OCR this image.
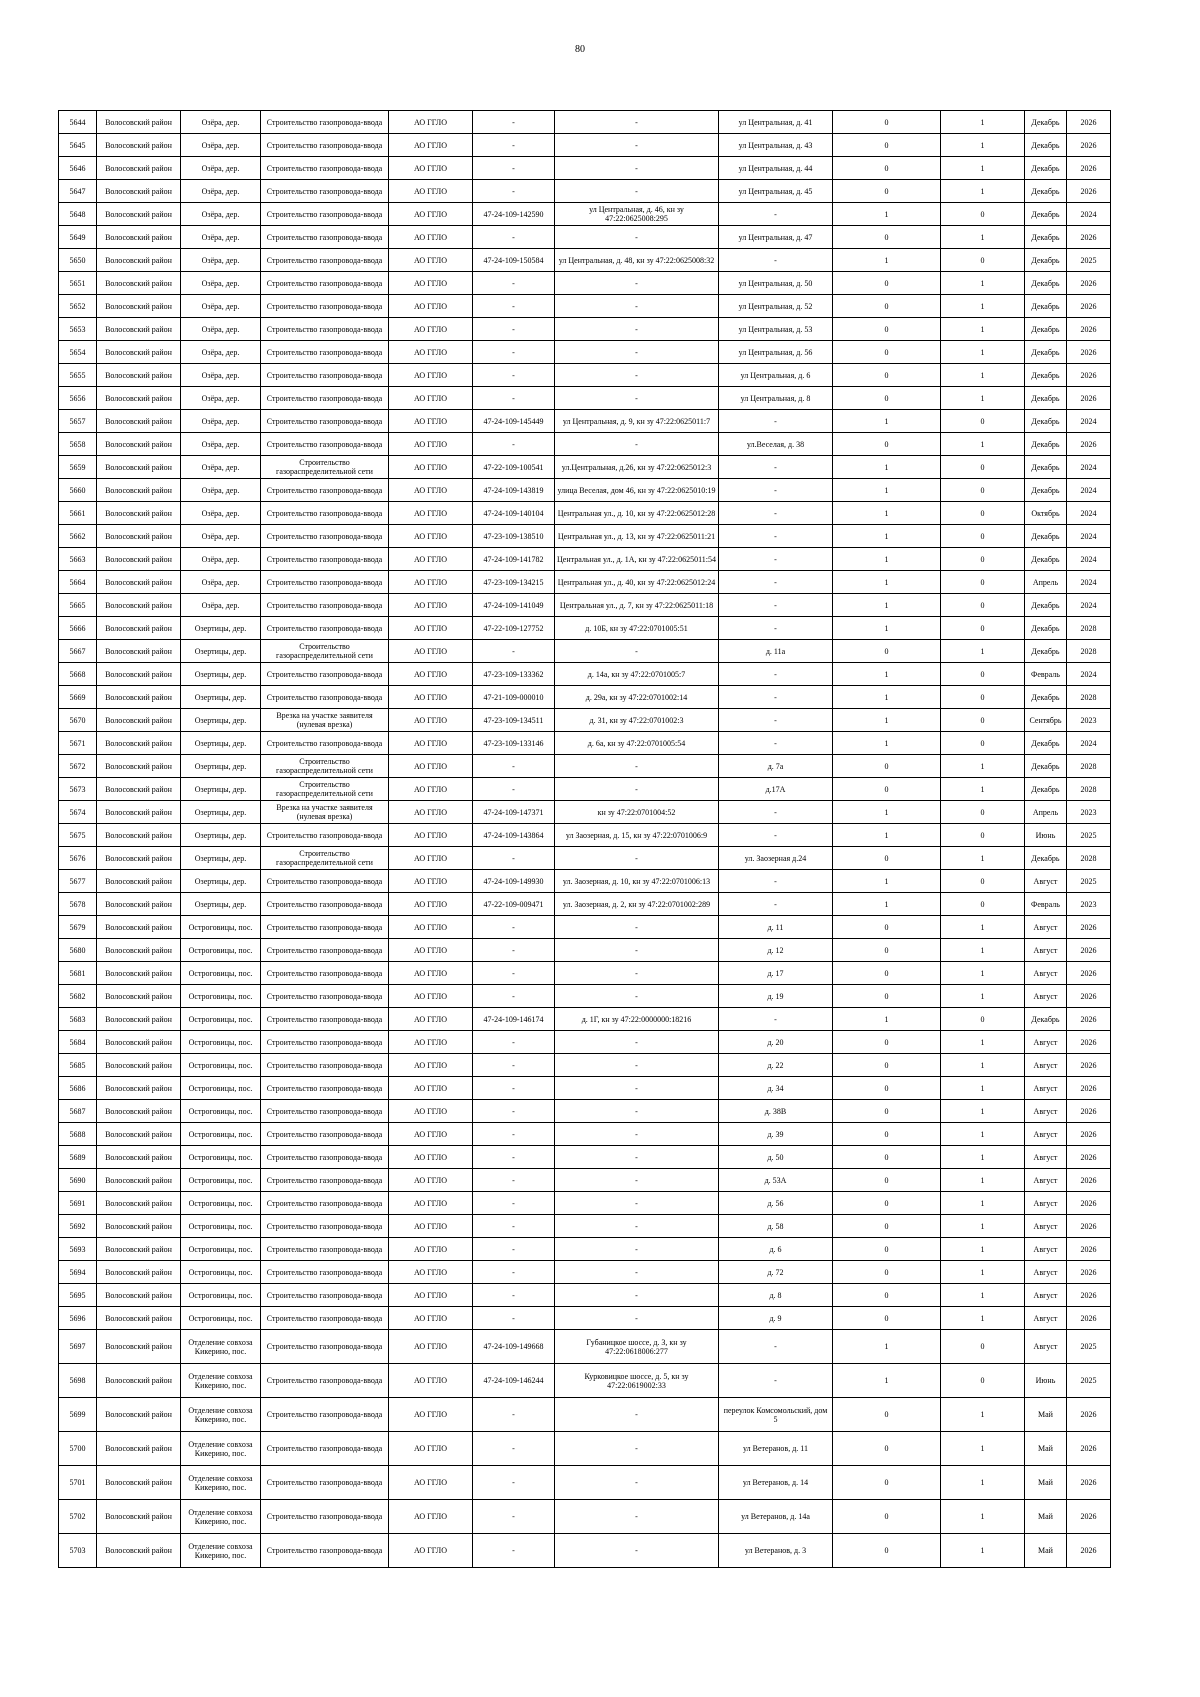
80
5644	Волосовский район	Озёра, дер.	Строительство газопровода-ввода	АО ГГЛО	-	-	ул Центральная, д. 41	0	1	Декабрь	2026
5645	Волосовский район	Озёра, дер.	Строительство газопровода-ввода	АО ГГЛО	-	-	ул Центральная, д. 43	0	1	Декабрь	2026
5646	Волосовский район	Озёра, дер.	Строительство газопровода-ввода	АО ГГЛО	-	-	ул Центральная, д. 44	0	1	Декабрь	2026
5647	Волосовский район	Озёра, дер.	Строительство газопровода-ввода	АО ГГЛО	-	-	ул Центральная, д. 45	0	1	Декабрь	2026
5648	Волосовский район	Озёра, дер.	Строительство газопровода-ввода	АО ГГЛО	47-24-109-142590	ул Центральная, д. 46, кн зу 47:22:0625008:295	-	1	0	Декабрь	2024
5649	Волосовский район	Озёра, дер.	Строительство газопровода-ввода	АО ГГЛО	-	-	ул Центральная, д. 47	0	1	Декабрь	2026
5650	Волосовский район	Озёра, дер.	Строительство газопровода-ввода	АО ГГЛО	47-24-109-150584	ул Центральная, д. 48, кн зу 47:22:0625008:32	-	1	0	Декабрь	2025
5651	Волосовский район	Озёра, дер.	Строительство газопровода-ввода	АО ГГЛО	-	-	ул Центральная, д. 50	0	1	Декабрь	2026
5652	Волосовский район	Озёра, дер.	Строительство газопровода-ввода	АО ГГЛО	-	-	ул Центральная, д. 52	0	1	Декабрь	2026
5653	Волосовский район	Озёра, дер.	Строительство газопровода-ввода	АО ГГЛО	-	-	ул Центральная, д. 53	0	1	Декабрь	2026
5654	Волосовский район	Озёра, дер.	Строительство газопровода-ввода	АО ГГЛО	-	-	ул Центральная, д. 56	0	1	Декабрь	2026
5655	Волосовский район	Озёра, дер.	Строительство газопровода-ввода	АО ГГЛО	-	-	ул Центральная, д. 6	0	1	Декабрь	2026
5656	Волосовский район	Озёра, дер.	Строительство газопровода-ввода	АО ГГЛО	-	-	ул Центральная, д. 8	0	1	Декабрь	2026
5657	Волосовский район	Озёра, дер.	Строительство газопровода-ввода	АО ГГЛО	47-24-109-145449	ул Центральная, д. 9, кн зу 47:22:0625011:7	-	1	0	Декабрь	2024
5658	Волосовский район	Озёра, дер.	Строительство газопровода-ввода	АО ГГЛО	-	-	ул.Веселая, д. 38	0	1	Декабрь	2026
5659	Волосовский район	Озёра, дер.	Строительство газораспределительной сети	АО ГГЛО	47-22-109-100541	ул.Центральная, д.26, кн зу 47:22:0625012:3	-	1	0	Декабрь	2024
5660	Волосовский район	Озёра, дер.	Строительство газопровода-ввода	АО ГГЛО	47-24-109-143819	улица Веселая, дом 46, кн зу 47:22:0625010:19	-	1	0	Декабрь	2024
5661	Волосовский район	Озёра, дер.	Строительство газопровода-ввода	АО ГГЛО	47-24-109-140104	Центральная ул., д. 10, кн зу 47:22:0625012:28	-	1	0	Октябрь	2024
5662	Волосовский район	Озёра, дер.	Строительство газопровода-ввода	АО ГГЛО	47-23-109-138510	Центральная ул., д. 13, кн зу 47:22:0625011:21	-	1	0	Декабрь	2024
5663	Волосовский район	Озёра, дер.	Строительство газопровода-ввода	АО ГГЛО	47-24-109-141782	Центральная ул., д. 1А, кн зу 47:22:0625011:54	-	1	0	Декабрь	2024
5664	Волосовский район	Озёра, дер.	Строительство газопровода-ввода	АО ГГЛО	47-23-109-134215	Центральная ул., д. 40, кн зу 47:22:0625012:24	-	1	0	Апрель	2024
5665	Волосовский район	Озёра, дер.	Строительство газопровода-ввода	АО ГГЛО	47-24-109-141049	Центральная ул., д. 7, кн зу 47:22:0625011:18	-	1	0	Декабрь	2024
5666	Волосовский район	Озертицы, дер.	Строительство газопровода-ввода	АО ГГЛО	47-22-109-127752	д. 10Б, кн зу 47:22:0701005:51	-	1	0	Декабрь	2028
5667	Волосовский район	Озертицы, дер.	Строительство газораспределительной сети	АО ГГЛО	-	-	д. 11а	0	1	Декабрь	2028
5668	Волосовский район	Озертицы, дер.	Строительство газопровода-ввода	АО ГГЛО	47-23-109-133362	д. 14а, кн зу 47:22:0701005:7	-	1	0	Февраль	2024
5669	Волосовский район	Озертицы, дер.	Строительство газопровода-ввода	АО ГГЛО	47-21-109-000010	д. 29а, кн зу 47:22:0701002:14	-	1	0	Декабрь	2028
5670	Волосовский район	Озертицы, дер.	Врезка на участке заявителя (нулевая врезка)	АО ГГЛО	47-23-109-134511	д. 31, кн зу 47:22:0701002:3	-	1	0	Сентябрь	2023
5671	Волосовский район	Озертицы, дер.	Строительство газопровода-ввода	АО ГГЛО	47-23-109-133146	д. 6а, кн зу 47:22:0701005:54	-	1	0	Декабрь	2024
5672	Волосовский район	Озертицы, дер.	Строительство газораспределительной сети	АО ГГЛО	-	-	д. 7а	0	1	Декабрь	2028
5673	Волосовский район	Озертицы, дер.	Строительство газораспределительной сети	АО ГГЛО	-	-	д.17А	0	1	Декабрь	2028
5674	Волосовский район	Озертицы, дер.	Врезка на участке заявителя (нулевая врезка)	АО ГГЛО	47-24-109-147371	кн зу 47:22:0701004:52	-	1	0	Апрель	2023
5675	Волосовский район	Озертицы, дер.	Строительство газопровода-ввода	АО ГГЛО	47-24-109-143864	ул Заозерная, д. 15, кн зу 47:22:0701006:9	-	1	0	Июнь	2025
5676	Волосовский район	Озертицы, дер.	Строительство газораспределительной сети	АО ГГЛО	-	-	ул. Заозерная д.24	0	1	Декабрь	2028
5677	Волосовский район	Озертицы, дер.	Строительство газопровода-ввода	АО ГГЛО	47-24-109-149930	ул. Заозерная, д. 10, кн зу 47:22:0701006:13	-	1	0	Август	2025
5678	Волосовский район	Озертицы, дер.	Строительство газопровода-ввода	АО ГГЛО	47-22-109-009471	ул. Заозерная, д. 2, кн зу 47:22:0701002:289	-	1	0	Февраль	2023
5679	Волосовский район	Остроговицы, пос.	Строительство газопровода-ввода	АО ГГЛО	-	-	д. 11	0	1	Август	2026
5680	Волосовский район	Остроговицы, пос.	Строительство газопровода-ввода	АО ГГЛО	-	-	д. 12	0	1	Август	2026
5681	Волосовский район	Остроговицы, пос.	Строительство газопровода-ввода	АО ГГЛО	-	-	д. 17	0	1	Август	2026
5682	Волосовский район	Остроговицы, пос.	Строительство газопровода-ввода	АО ГГЛО	-	-	д. 19	0	1	Август	2026
5683	Волосовский район	Остроговицы, пос.	Строительство газопровода-ввода	АО ГГЛО	47-24-109-146174	д. 1Г, кн зу 47:22:0000000:18216	-	1	0	Декабрь	2026
5684	Волосовский район	Остроговицы, пос.	Строительство газопровода-ввода	АО ГГЛО	-	-	д. 20	0	1	Август	2026
5685	Волосовский район	Остроговицы, пос.	Строительство газопровода-ввода	АО ГГЛО	-	-	д. 22	0	1	Август	2026
5686	Волосовский район	Остроговицы, пос.	Строительство газопровода-ввода	АО ГГЛО	-	-	д. 34	0	1	Август	2026
5687	Волосовский район	Остроговицы, пос.	Строительство газопровода-ввода	АО ГГЛО	-	-	д. 38В	0	1	Август	2026
5688	Волосовский район	Остроговицы, пос.	Строительство газопровода-ввода	АО ГГЛО	-	-	д. 39	0	1	Август	2026
5689	Волосовский район	Остроговицы, пос.	Строительство газопровода-ввода	АО ГГЛО	-	-	д. 50	0	1	Август	2026
5690	Волосовский район	Остроговицы, пос.	Строительство газопровода-ввода	АО ГГЛО	-	-	д. 53А	0	1	Август	2026
5691	Волосовский район	Остроговицы, пос.	Строительство газопровода-ввода	АО ГГЛО	-	-	д. 56	0	1	Август	2026
5692	Волосовский район	Остроговицы, пос.	Строительство газопровода-ввода	АО ГГЛО	-	-	д. 58	0	1	Август	2026
5693	Волосовский район	Остроговицы, пос.	Строительство газопровода-ввода	АО ГГЛО	-	-	д. 6	0	1	Август	2026
5694	Волосовский район	Остроговицы, пос.	Строительство газопровода-ввода	АО ГГЛО	-	-	д. 72	0	1	Август	2026
5695	Волосовский район	Остроговицы, пос.	Строительство газопровода-ввода	АО ГГЛО	-	-	д. 8	0	1	Август	2026
5696	Волосовский район	Остроговицы, пос.	Строительство газопровода-ввода	АО ГГЛО	-	-	д. 9	0	1	Август	2026
5697	Волосовский район	Отделение совхоза Кикерино, пос.	Строительство газопровода-ввода	АО ГГЛО	47-24-109-149668	Губаницкое шоссе, д. 3, кн зу 47:22:0618006:277	-	1	0	Август	2025
5698	Волосовский район	Отделение совхоза Кикерино, пос.	Строительство газопровода-ввода	АО ГГЛО	47-24-109-146244	Курковицкое шоссе, д. 5, кн зу 47:22:0619002:33	-	1	0	Июнь	2025
5699	Волосовский район	Отделение совхоза Кикерино, пос.	Строительство газопровода-ввода	АО ГГЛО	-	-	переулок Комсомольский, дом 5	0	1	Май	2026
5700	Волосовский район	Отделение совхоза Кикерино, пос.	Строительство газопровода-ввода	АО ГГЛО	-	-	ул Ветеранов, д. 11	0	1	Май	2026
5701	Волосовский район	Отделение совхоза Кикерино, пос.	Строительство газопровода-ввода	АО ГГЛО	-	-	ул Ветеранов, д. 14	0	1	Май	2026
5702	Волосовский район	Отделение совхоза Кикерино, пос.	Строительство газопровода-ввода	АО ГГЛО	-	-	ул Ветеранов, д. 14а	0	1	Май	2026
5703	Волосовский район	Отделение совхоза Кикерино, пос.	Строительство газопровода-ввода	АО ГГЛО	-	-	ул Ветеранов, д. 3	0	1	Май	2026
